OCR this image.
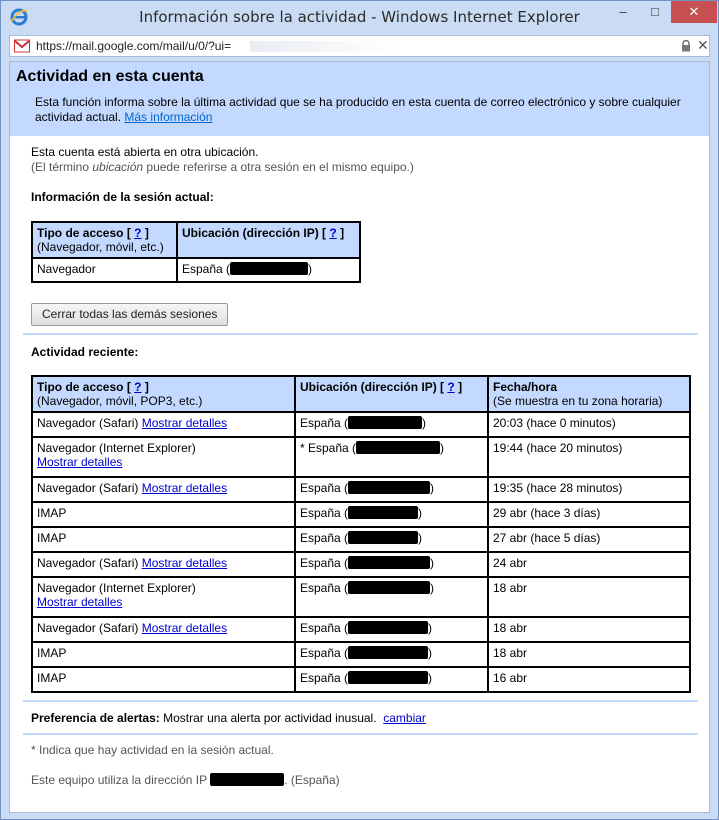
Información sobre la actividad - Windows Internet Explorer	–	□	✕
https://mail.google.com/mail/u/0/?ui=	✕
Actividad en esta cuenta
Esta función informa sobre la última actividad que se ha producido en esta cuenta de correo electrónico y sobre cualquier actividad actual. Más información
Esta cuenta está abierta en otra ubicación.
(El término ubicación puede referirse a otra sesión en el mismo equipo.)
Información de la sesión actual:
Tipo de acceso [ ? ]
(Navegador, móvil, etc.)	Ubicación (dirección IP) [ ? ]
Navegador	España ( )
Cerrar todas las demás sesiones
Actividad reciente:
Tipo de acceso [ ? ]
(Navegador, móvil, POP3, etc.)	Ubicación (dirección IP) [ ? ]	Fecha/hora
(Se muestra en tu zona horaria)
Navegador (Safari) Mostrar detalles	España ( )	20:03 (hace 0 minutos)
Navegador (Internet Explorer)
Mostrar detalles	* España ( )	19:44 (hace 20 minutos)
Navegador (Safari) Mostrar detalles	España ( )	19:35 (hace 28 minutos)
IMAP	España ( )	29 abr (hace 3 días)
IMAP	España ( )	27 abr (hace 5 días)
Navegador (Safari) Mostrar detalles	España ( )	24 abr
Navegador (Internet Explorer)
Mostrar detalles	España ( )	18 abr
Navegador (Safari) Mostrar detalles	España ( )	18 abr
IMAP	España ( )	18 abr
IMAP	España ( )	16 abr
Preferencia de alertas: Mostrar una alerta por actividad inusual. cambiar
* Indica que hay actividad en la sesión actual.
Este equipo utiliza la dirección IP	. (España)
